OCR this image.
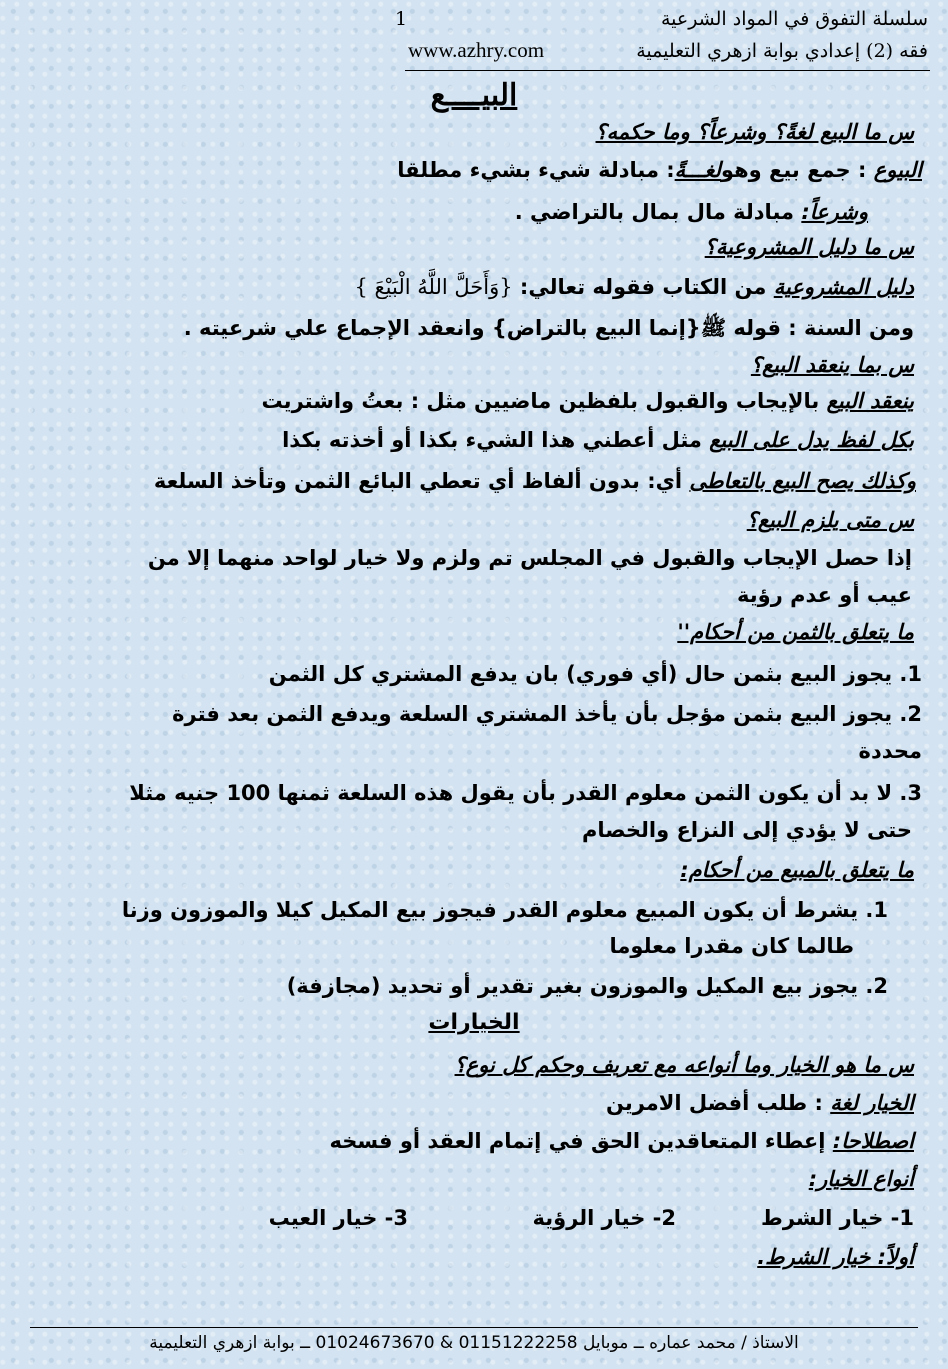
1	سلسلة التفوق في المواد الشرعية
www.azhry.com	فقه (2) إعدادي بوابة ازهري التعليمية
البيــــع
س ما البيع لغةً؟ وشرعاً؟ وما حكمه؟
البيوع : جمع بيع وهولغـــةً: مبادلة شيء بشيء مطلقا
وشرعاً: مبادلة مال بمال بالتراضي .
س ما دليل المشروعية؟
دليل المشروعية من الكتاب فقوله تعالي: {وَأَحَلَّ اللَّهُ الْبَيْعَ }
ومن السنة : قوله ﷺ{إنما البيع بالتراض} وانعقد الإجماع علي شرعيته .
س بما ينعقد البيع؟
ينعقد البيع بالإيجاب والقبول بلفظين ماضيين مثل : بعتُ واشتريت
بكل لفظ يدل على البيع مثل أعطني هذا الشيء بكذا أو أخذته بكذا
وكذلك يصح البيع بالتعاطى أي: بدون ألفاظ أي تعطي البائع الثمن وتأخذ السلعة
س متى يلزم البيع؟
إذا حصل الإيجاب والقبول في المجلس تم ولزم ولا خيار لواحد منهما إلا من
عيب أو عدم رؤية
ما يتعلق بالثمن من أحكام''
1. يجوز البيع بثمن حال (أي فوري) بان يدفع المشتري كل الثمن
2. يجوز البيع بثمن مؤجل بأن يأخذ المشتري السلعة ويدفع الثمن بعد فترة
محددة
3. لا بد أن يكون الثمن معلوم القدر بأن يقول هذه السلعة ثمنها 100 جنيه مثلا
حتى لا يؤدي إلى النزاع والخصام
ما يتعلق بالمبيع من أحكام:
1. يشرط أن يكون المبيع معلوم القدر فيجوز بيع المكيل كيلا والموزون وزنا
طالما كان مقدرا معلوما
2. يجوز بيع المكيل والموزون بغير تقدير أو تحديد (مجازفة)
الخيارات
س ما هو الخيار وما أنواعه مع تعريف وحكم كل نوع؟
الخيار لغة : طلب أفضل الامرين
اصطلاحا: إعطاء المتعاقدين الحق في إتمام العقد أو فسخه
أنواع الخيار:
1- خيار الشرط
2- خيار الرؤية
3- خيار العيب
أولاً: خيار الشرط.
الاستاذ / محمد عماره ــ موبايل 01151222258 & 01024673670 ــ بوابة ازهري التعليمية
